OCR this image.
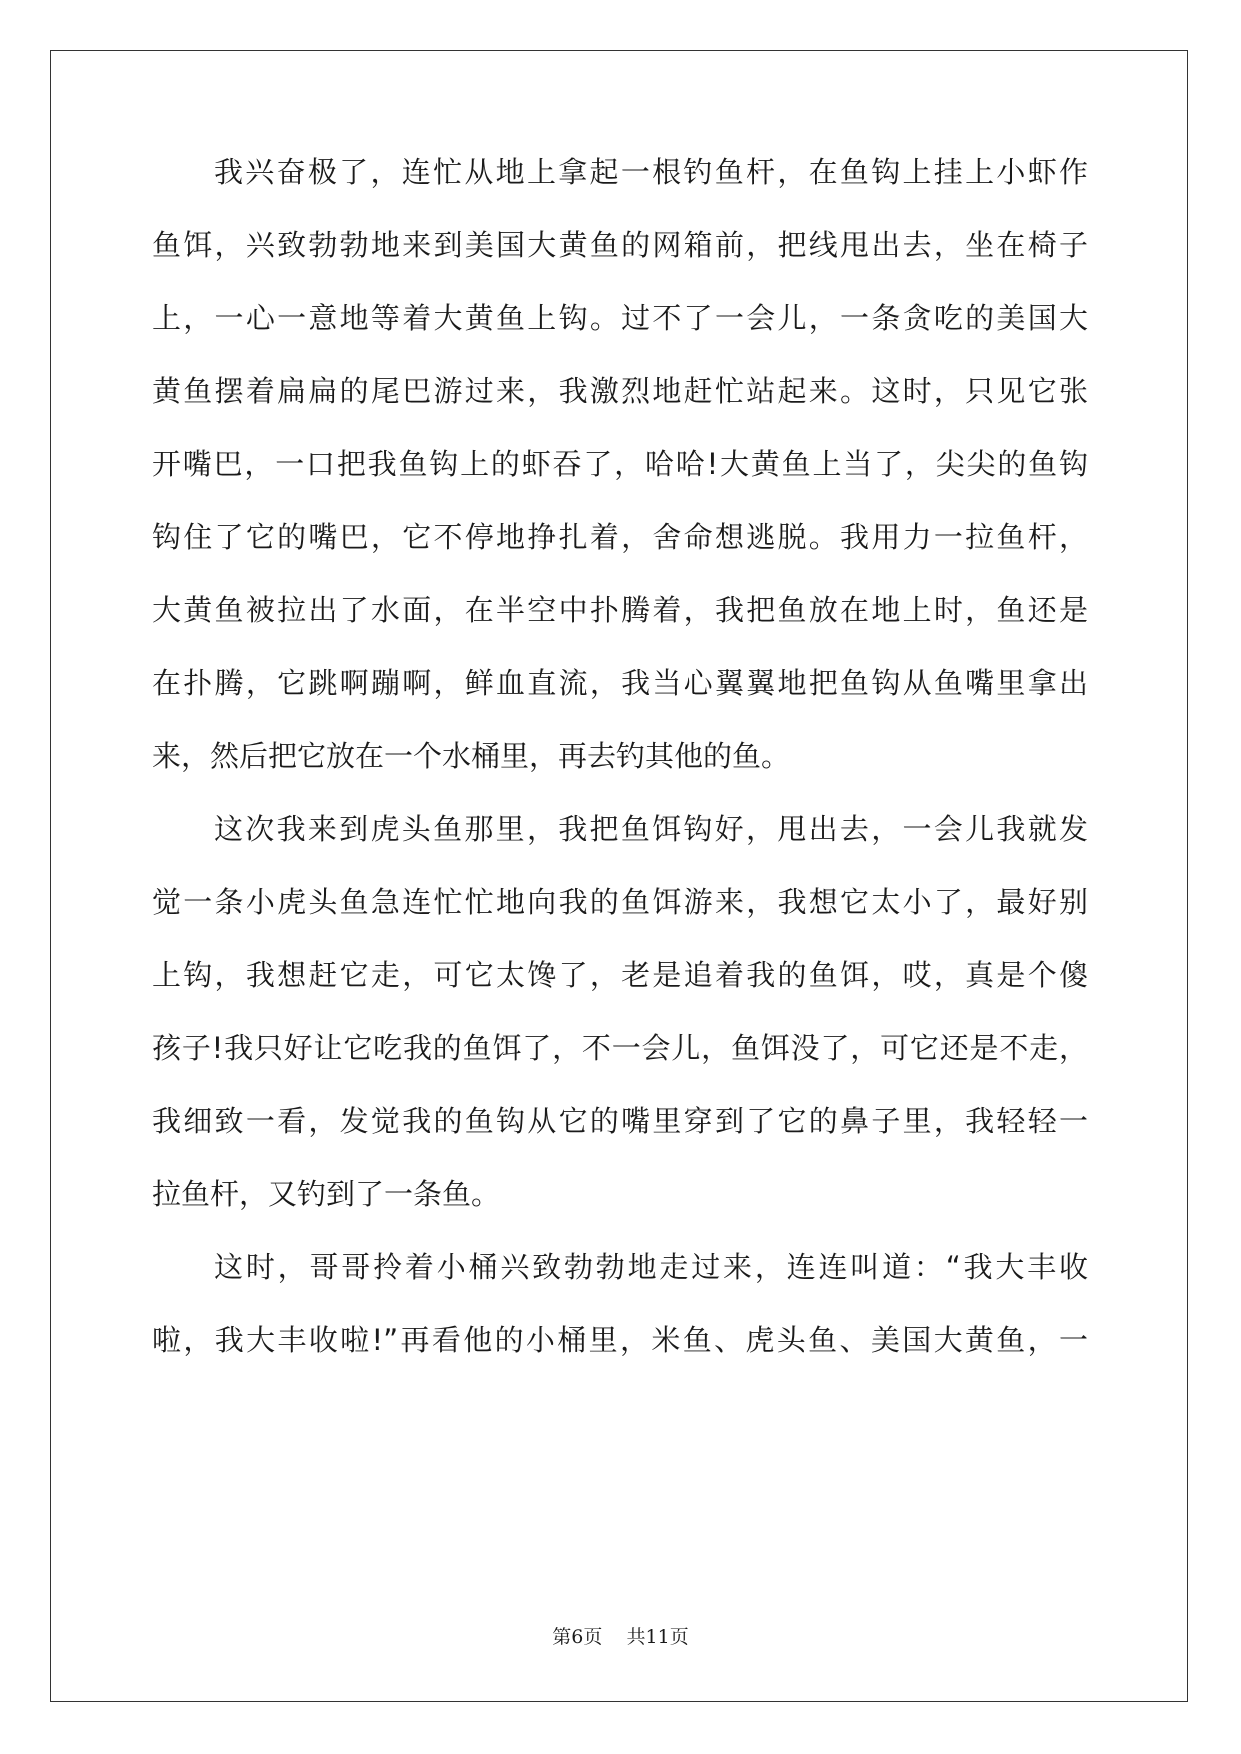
我兴奋极了，连忙从地上拿起一根钓鱼杆，在鱼钩上挂上小虾作
鱼饵，兴致勃勃地来到美国大黄鱼的网箱前，把线甩出去，坐在椅子
上，一心一意地等着大黄鱼上钩。过不了一会儿，一条贪吃的美国大
黄鱼摆着扁扁的尾巴游过来，我激烈地赶忙站起来。这时，只见它张
开嘴巴，一口把我鱼钩上的虾吞了，哈哈!大黄鱼上当了，尖尖的鱼钩
钩住了它的嘴巴，它不停地挣扎着，舍命想逃脱。我用力一拉鱼杆，
大黄鱼被拉出了水面，在半空中扑腾着，我把鱼放在地上时，鱼还是
在扑腾，它跳啊蹦啊，鲜血直流，我当心翼翼地把鱼钩从鱼嘴里拿出
来，然后把它放在一个水桶里，再去钓其他的鱼。
这次我来到虎头鱼那里，我把鱼饵钩好，甩出去，一会儿我就发
觉一条小虎头鱼急连忙忙地向我的鱼饵游来，我想它太小了，最好别
上钩，我想赶它走，可它太馋了，老是追着我的鱼饵，哎，真是个傻
孩子!我只好让它吃我的鱼饵了，不一会儿，鱼饵没了，可它还是不走，
我细致一看，发觉我的鱼钩从它的嘴里穿到了它的鼻子里，我轻轻一
拉鱼杆，又钓到了一条鱼。
这时，哥哥拎着小桶兴致勃勃地走过来，连连叫道：“我大丰收
啦，我大丰收啦!”再看他的小桶里，米鱼、虎头鱼、美国大黄鱼，一
第6页 共11页
